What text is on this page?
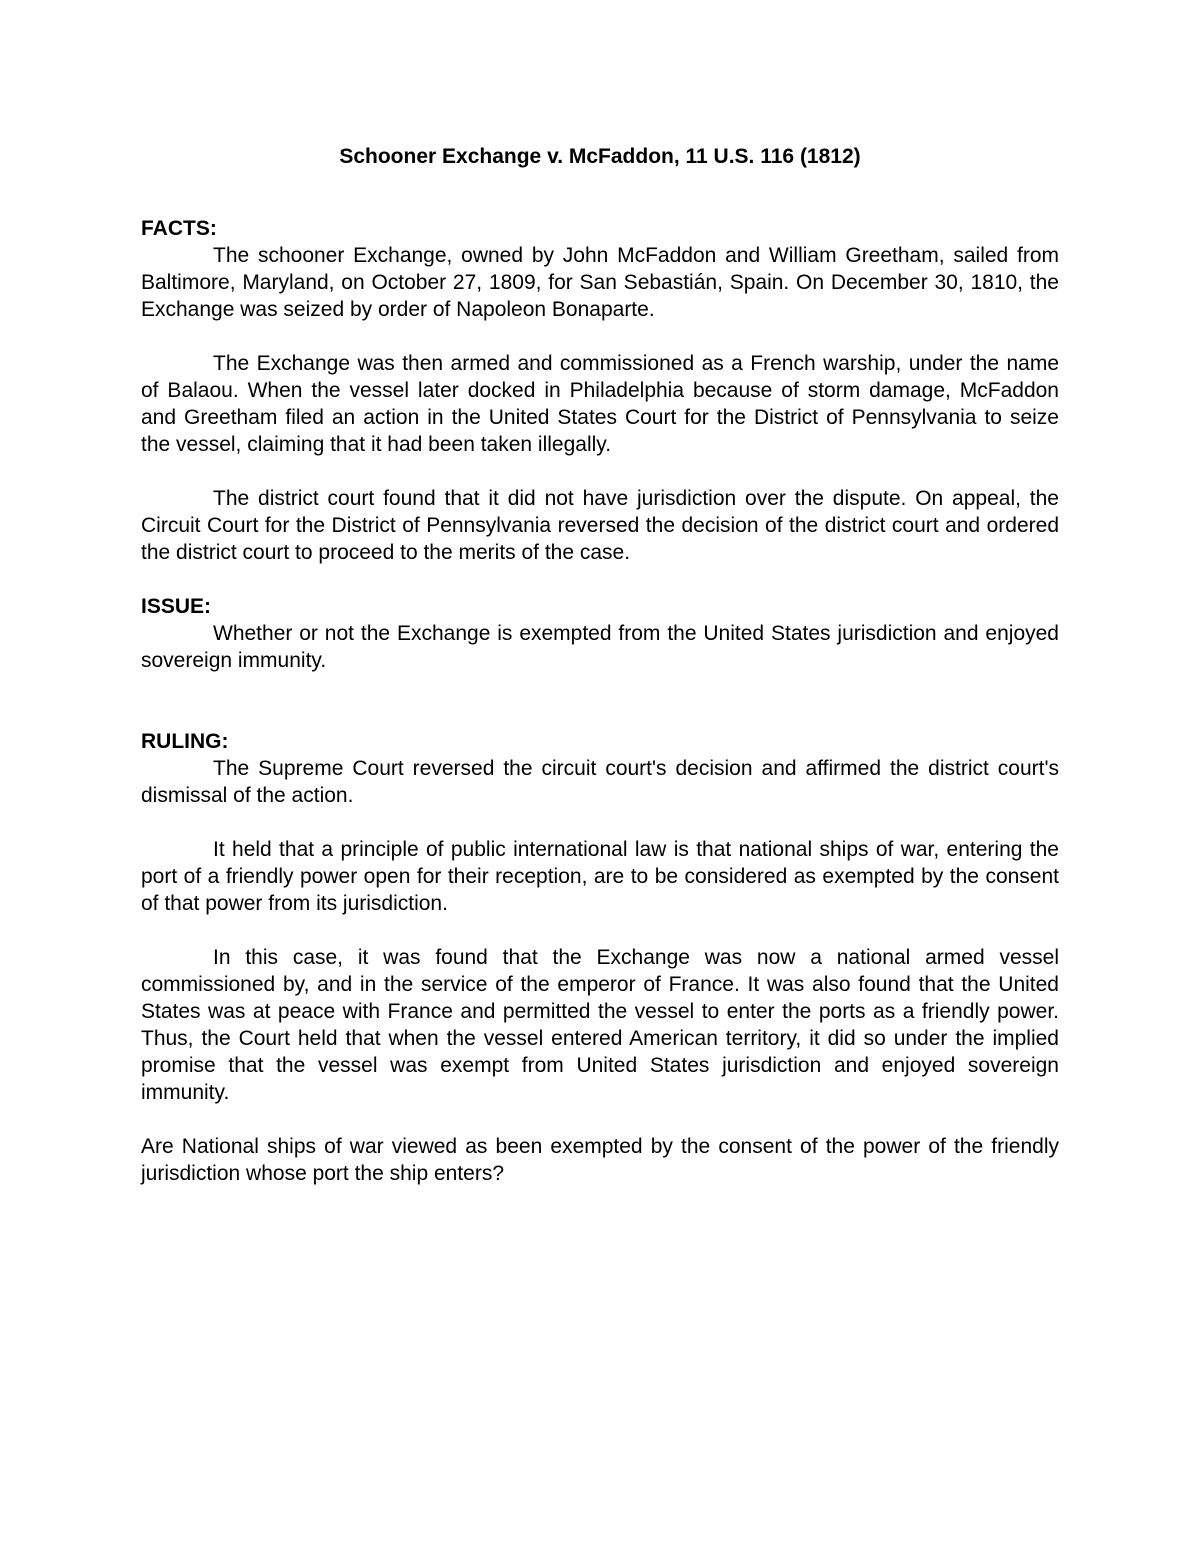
Schooner Exchange v. McFaddon, 11 U.S. 116 (1812)

FACTS:

The schooner Exchange, owned by John McFaddon and William Greetham, sailed from Baltimore, Maryland, on October 27, 1809, for San Sebastián, Spain. On December 30, 1810, the Exchange was seized by order of Napoleon Bonaparte.

The Exchange was then armed and commissioned as a French warship, under the name of Balaou. When the vessel later docked in Philadelphia because of storm damage, McFaddon and Greetham filed an action in the United States Court for the District of Pennsylvania to seize the vessel, claiming that it had been taken illegally.

The district court found that it did not have jurisdiction over the dispute. On appeal, the Circuit Court for the District of Pennsylvania reversed the decision of the district court and ordered the district court to proceed to the merits of the case.

ISSUE:

Whether or not the Exchange is exempted from the United States jurisdiction and enjoyed sovereign immunity.

RULING:

The Supreme Court reversed the circuit court's decision and affirmed the district court's dismissal of the action.

It held that a principle of public international law is that national ships of war, entering the port of a friendly power open for their reception, are to be considered as exempted by the consent of that power from its jurisdiction.

In this case, it was found that the Exchange was now a national armed vessel commissioned by, and in the service of the emperor of France. It was also found that the United States was at peace with France and permitted the vessel to enter the ports as a friendly power. Thus, the Court held that when the vessel entered American territory, it did so under the implied promise that the vessel was exempt from United States jurisdiction and enjoyed sovereign immunity.

Are National ships of war viewed as been exempted by the consent of the power of the friendly jurisdiction whose port the ship enters?
